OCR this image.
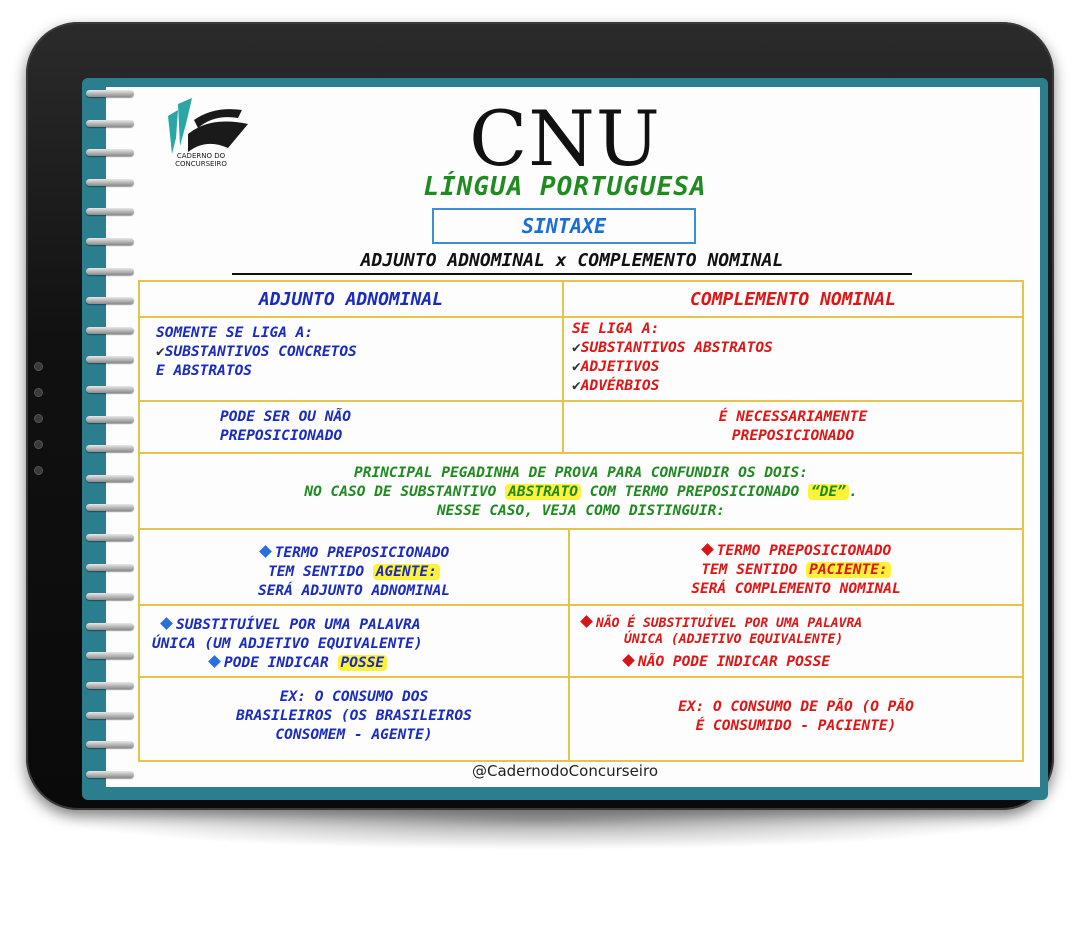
CADERNO DO
CONCURSEIRO	CNU
LÍNGUA PORTUGUESA
SINTAXE
ADJUNTO ADNOMINAL x COMPLEMENTO NOMINAL
ADJUNTO ADNOMINAL	COMPLEMENTO NOMINAL
SOMENTE SE LIGA A:
✔SUBSTANTIVOS CONCRETOS
E ABSTRATOS
SE LIGA A:
✔SUBSTANTIVOS ABSTRATOS
✔ADJETIVOS
✔ADVÉRBIOS
PODE SER OU NÃO
PREPOSICIONADO
É NECESSARIAMENTE
PREPOSICIONADO
PRINCIPAL PEGADINHA DE PROVA PARA CONFUNDIR OS DOIS:
NO CASO DE SUBSTANTIVO ABSTRATO COM TERMO PREPOSICIONADO “DE” .
NESSE CASO, VEJA COMO DISTINGUIR:
TERMO PREPOSICIONADO
TEM SENTIDO AGENTE:
SERÁ ADJUNTO ADNOMINAL
TERMO PREPOSICIONADO
TEM SENTIDO PACIENTE:
SERÁ COMPLEMENTO NOMINAL
SUBSTITUÍVEL POR UMA PALAVRA
ÚNICA (UM ADJETIVO EQUIVALENTE)
PODE INDICAR POSSE
NÃO É SUBSTITUÍVEL POR UMA PALAVRA
ÚNICA (ADJETIVO EQUIVALENTE)
NÃO PODE INDICAR POSSE
EX: O CONSUMO DOS
BRASILEIROS (OS BRASILEIROS
CONSOMEM - AGENTE)
EX: O CONSUMO DE PÃO (O PÃO
É CONSUMIDO - PACIENTE)
@CadernodoConcurseiro
